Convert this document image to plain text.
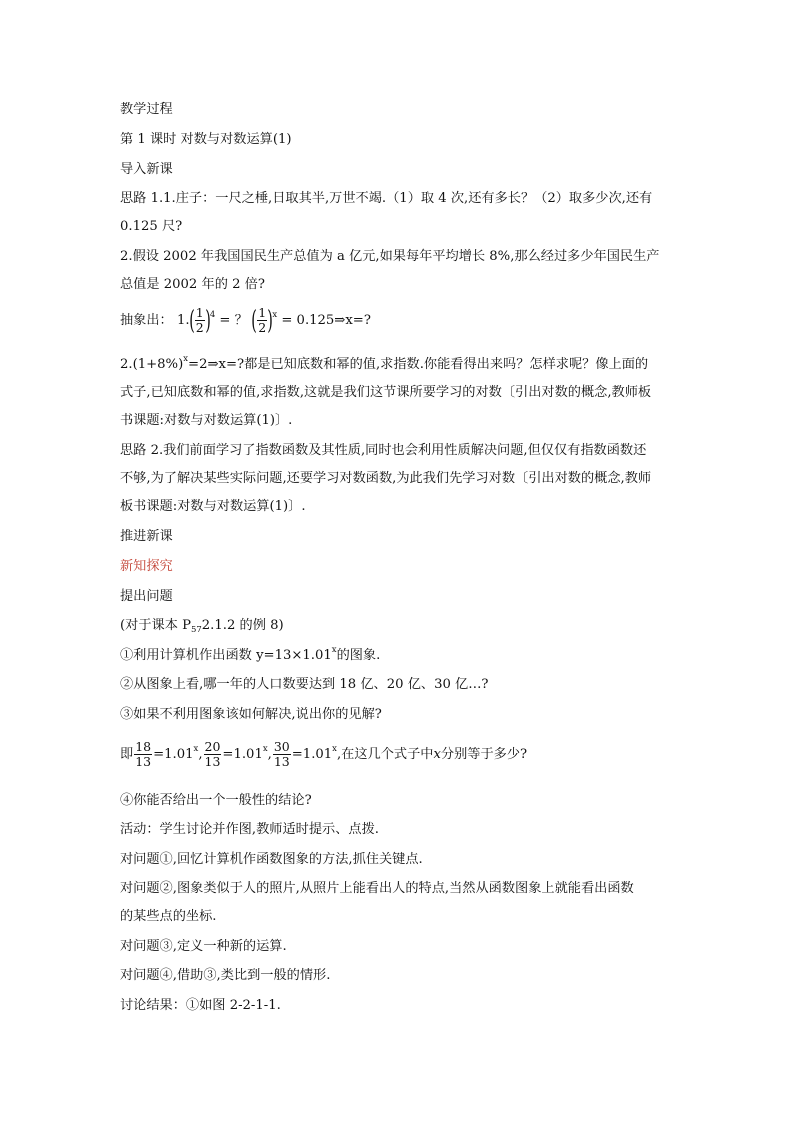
教学过程
第 1 课时 对数与对数运算(1)
导入新课
思路 1.1.庄子：一尺之棰,日取其半,万世不竭.（1）取 4 次,还有多长？（2）取多少次,还有
0.125 尺?
2.假设 2002 年我国国民生产总值为 a 亿元,如果每年平均增长 8%,那么经过多少年国民生产
总值是 2002 年的 2 倍?
抽象出： $1.( \frac{1}{2} )^4$ = ？ ( $\frac{1}{2} )^x$ = 0.125⇒x=?
$2.(1+8\%)^x=2\Rightarrow x=$?都是已知底数和幂的值,求指数.你能看得出来吗？怎样求呢？像上面的
式子,已知底数和幂的值,求指数,这就是我们这节课所要学习的对数〔引出对数的概念,教师板
书课题:对数与对数运算(1)〕.
思路 2.我们前面学习了指数函数及其性质,同时也会利用性质解决问题,但仅仅有指数函数还
不够,为了解决某些实际问题,还要学习对数函数,为此我们先学习对数〔引出对数的概念,教师
板书课题:对数与对数运算(1)〕.
推进新课
新知探究
提出问题
(对于课本 $P_{57}2.1.2$ 的例 8)
①利用计算机作出函数 $y=13\times 1.01^x$的图象.
②从图象上看,哪一年的人口数要达到 18 亿、20 亿、30 亿…?
③如果不利用图象该如何解决,说出你的见解?
即 $\frac{18}{13} =1.01^x$, $\frac{20}{13} =1.01^x$, $\frac{30}{13} =1.01^x$,在这几个式子中x分别等于多少?
④你能否给出一个一般性的结论?
活动：学生讨论并作图,教师适时提示、点拨.
对问题①,回忆计算机作函数图象的方法,抓住关键点.
对问题②,图象类似于人的照片,从照片上能看出人的特点,当然从函数图象上就能看出函数
的某些点的坐标.
对问题③,定义一种新的运算.
对问题④,借助③,类比到一般的情形.
讨论结果：①如图 2-2-1-1.
